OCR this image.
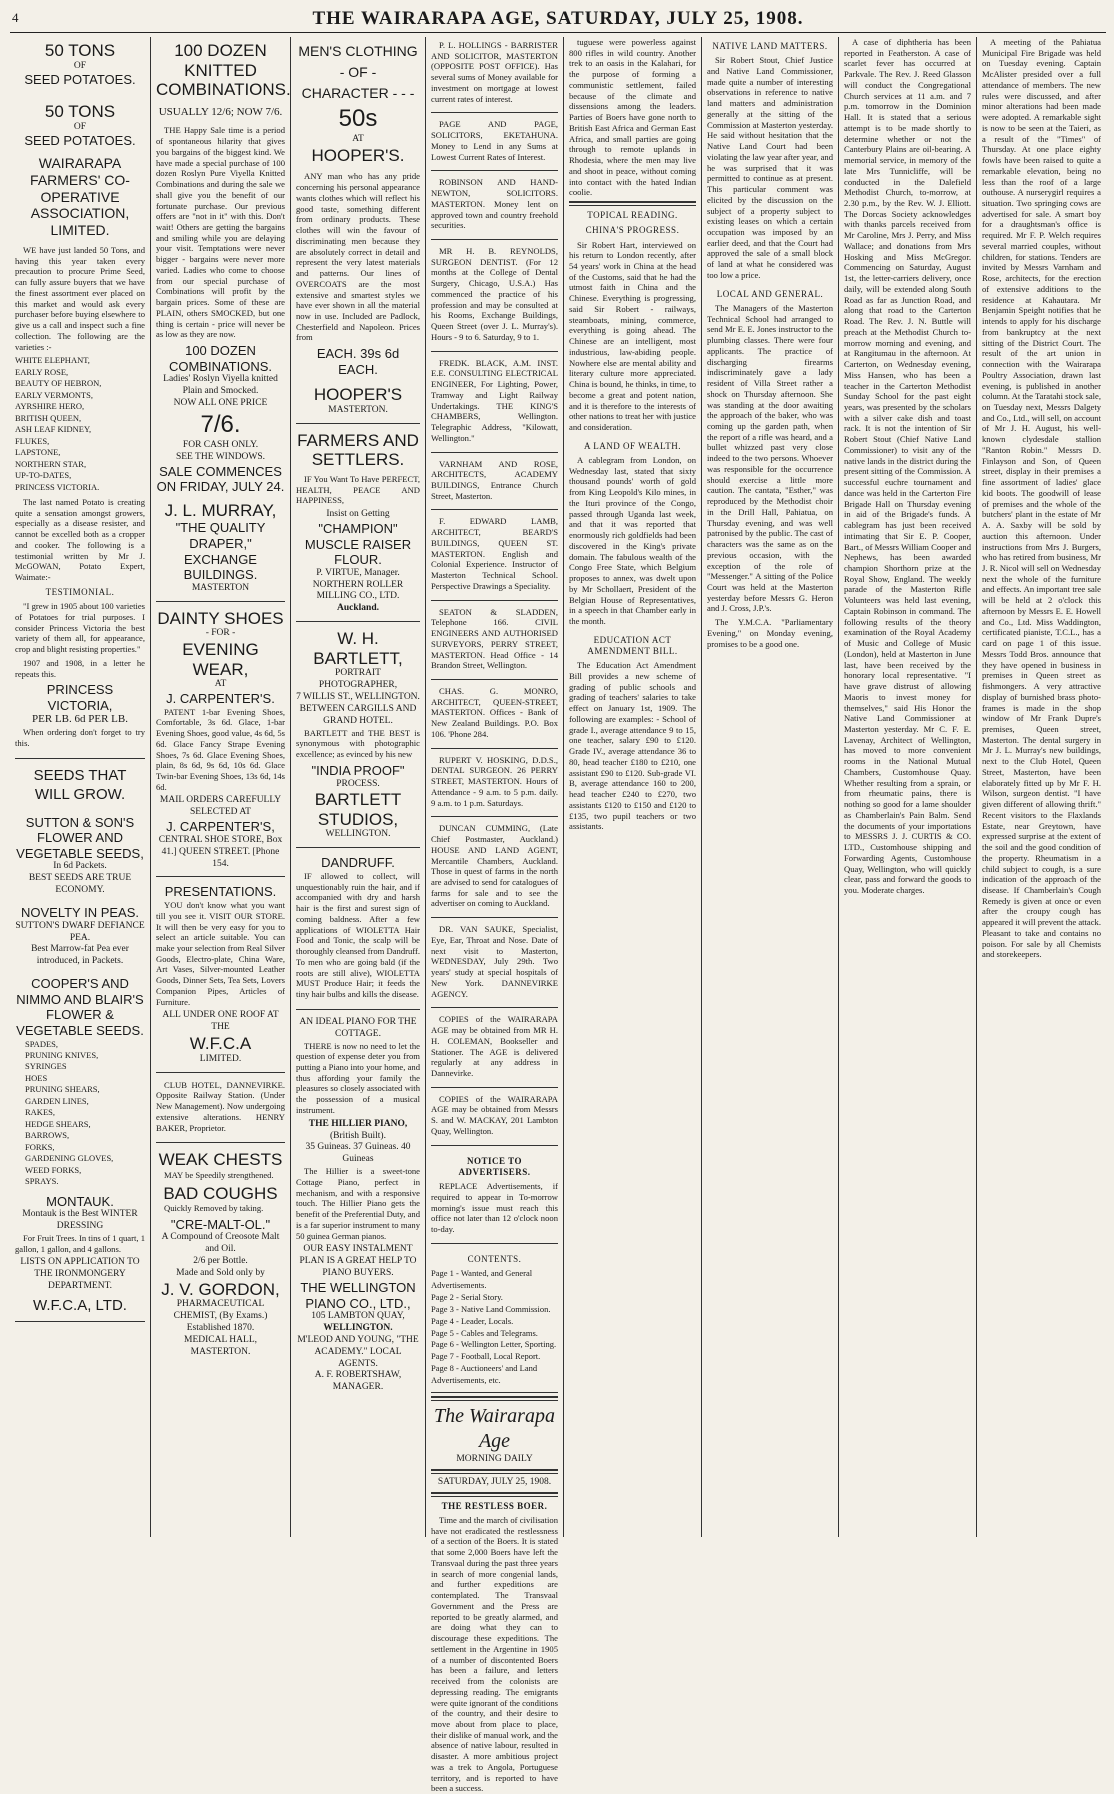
4	THE WAIRARAPA AGE, SATURDAY, JULY 25, 1908.
50 TONS
OF
SEED POTATOES.
50 TONS
OF
SEED POTATOES.
WAIRARAPA FARMERS' CO-OPERATIVE ASSOCIATION, LIMITED.

WE have just landed 50 Tons, and having this year taken every precaution to procure Prime Seed, can fully assure buyers that we have the finest assortment ever placed on this market and would ask every purchaser before buying elsewhere to give us a call and inspect such a fine collection. The following are the varieties :-

WHITE ELEPHANT,
EARLY ROSE,
BEAUTY OF HEBRON,
EARLY VERMONTS,
AYRSHIRE HERO,
BRITISH QUEEN,
ASH LEAF KIDNEY,
FLUKES,
LAPSTONE,
NORTHERN STAR,
UP-TO-DATES,
PRINCESS VICTORIA.

The last named Potato is creating quite a sensation amongst growers, especially as a disease resister, and cannot be excelled both as a cropper and cooker. The following is a testimonial written by Mr J. McGOWAN, Potato Expert, Waimate:-

TESTIMONIAL.

"I grew in 1905 about 100 varieties of Potatoes for trial purposes. I consider Princess Victoria the best variety of them all, for appearance, crop and blight resisting properties."

1907 and 1908, in a letter he repeats this.

PRINCESS VICTORIA,
PER LB. 6d PER LB.

When ordering don't forget to try this.

SEEDS THAT WILL GROW.
SUTTON & SON'S FLOWER AND VEGETABLE SEEDS,
In 6d Packets.
BEST SEEDS ARE TRUE ECONOMY.
NOVELTY IN PEAS.
SUTTON'S DWARF DEFIANCE PEA.
Best Marrow-fat Pea ever introduced, in Packets.
COOPER'S AND NIMMO AND BLAIR'S FLOWER & VEGETABLE SEEDS.
SPADES,
PRUNING KNIVES,
SYRINGES
HOES
PRUNING SHEARS,
GARDEN LINES,
RAKES,
HEDGE SHEARS,
BARROWS,
FORKS,
GARDENING GLOVES,
WEED FORKS,
SPRAYS.
MONTAUK.
Montauk is the Best WINTER DRESSING

For Fruit Trees. In tins of 1 quart, 1 gallon, 1 gallon, and 4 gallons.

LISTS ON APPLICATION TO THE IRONMONGERY DEPARTMENT.
W.F.C.A, LTD.
100 DOZEN
KNITTED
COMBINATIONS.
USUALLY 12/6; NOW 7/6.

THE Happy Sale time is a period of spontaneous hilarity that gives you bargains of the biggest kind. We have made a special purchase of 100 dozen Roslyn Pure Viyella Knitted Combinations and during the sale we shall give you the benefit of our fortunate purchase. Our previous offers are "not in it" with this. Don't wait! Others are getting the bargains and smiling while you are delaying your visit. Temptations were never bigger - bargains were never more varied. Ladies who come to choose from our special purchase of Combinations will profit by the bargain prices. Some of these are PLAIN, others SMOCKED, but one thing is certain - price will never be as low as they are now.

100 DOZEN COMBINATIONS.
Ladies' Roslyn Viyella knitted Plain and Smocked.
NOW ALL ONE PRICE
7/6.
FOR CASH ONLY.
SEE THE WINDOWS.
SALE COMMENCES ON FRIDAY, JULY 24.
J. L. MURRAY,
"THE QUALITY DRAPER," EXCHANGE BUILDINGS.
MASTERTON
DAINTY SHOES
- FOR -
EVENING WEAR,
AT
J. CARPENTER'S.

PATENT 1-bar Evening Shoes, Comfortable, 3s 6d. Glace, 1-bar Evening Shoes, good value, 4s 6d, 5s 6d. Glace Fancy Strape Evening Shoes, 7s 6d. Glace Evening Shoes, plain, 8s 6d, 9s 6d, 10s 6d. Glace Twin-bar Evening Shoes, 13s 6d, 14s 6d.

MAIL ORDERS CAREFULLY SELECTED AT
J. CARPENTER'S,
CENTRAL SHOE STORE, Box 41.] QUEEN STREET. [Phone 154.
PRESENTATIONS.

YOU don't know what you want till you see it. VISIT OUR STORE. It will then be very easy for you to select an article suitable. You can make your selection from Real Silver Goods, Electro-plate, China Ware, Art Vases, Silver-mounted Leather Goods, Dinner Sets, Tea Sets, Lovers Companion Pipes, Articles of Furniture.

ALL UNDER ONE ROOF AT THE
W.F.C.A
LIMITED.

CLUB HOTEL, DANNEVIRKE. Opposite Railway Station. (Under New Management). Now undergoing extensive alterations. HENRY BAKER, Proprietor.

WEAK CHESTS

MAY be Speedily strengthened.

BAD COUGHS

Quickly Removed by taking.

"CRE-MALT-OL."
A Compound of Creosote Malt and Oil.
2/6 per Bottle.
Made and Sold only by
J. V. GORDON,
PHARMACEUTICAL CHEMIST, (By Exams.) Established 1870.
MEDICAL HALL, MASTERTON.
MEN'S CLOTHING - OF - CHARACTER - - -
50s
AT
HOOPER'S.

ANY man who has any pride concerning his personal appearance wants clothes which will reflect his good taste, something different from ordinary products. These clothes will win the favour of discriminating men because they are absolutely correct in detail and represent the very latest materials and patterns. Our lines of OVERCOATS are the most extensive and smartest styles we have ever shown in all the material now in use. Included are Padlock, Chesterfield and Napoleon. Prices from

EACH. 39s 6d EACH.
HOOPER'S
MASTERTON.
FARMERS AND SETTLERS.

IF You Want To Have PERFECT, HEALTH, PEACE AND HAPPINESS,

Insist on Getting
"CHAMPION" MUSCLE RAISER FLOUR.
P. VIRTUE, Manager.
NORTHERN ROLLER MILLING CO., LTD.
Auckland.
W. H. BARTLETT,
PORTRAIT PHOTOGRAPHER,
7 WILLIS ST., WELLINGTON. BETWEEN CARGILLS AND GRAND HOTEL.

BARTLETT and THE BEST is synonymous with photographic excellence; as evinced by his new

"INDIA PROOF"
PROCESS.
BARTLETT STUDIOS,
WELLINGTON.
DANDRUFF.

IF allowed to collect, will unquestionably ruin the hair, and if accompanied with dry and harsh hair is the first and surest sign of coming baldness. After a few applications of WIOLETTA Hair Food and Tonic, the scalp will be thoroughly cleansed from Dandruff. To men who are going bald (if the roots are still alive), WIOLETTA MUST Produce Hair; it feeds the tiny hair bulbs and kills the disease.

AN IDEAL PIANO FOR THE COTTAGE.

THERE is now no need to let the question of expense deter you from putting a Piano into your home, and thus affording your family the pleasures so closely associated with the possession of a musical instrument.

THE HILLIER PIANO,
(British Built).
35 Guineas. 37 Guineas. 40 Guineas

The Hillier is a sweet-tone Cottage Piano, perfect in mechanism, and with a responsive touch. The Hillier Piano gets the benefit of the Preferential Duty, and is a far superior instrument to many 50 guinea German pianos.

OUR EASY INSTALMENT PLAN IS A GREAT HELP TO PIANO BUYERS.
THE WELLINGTON PIANO CO., LTD.,
105 LAMBTON QUAY,
WELLINGTON.
M'LEOD AND YOUNG, "THE ACADEMY." LOCAL AGENTS.
A. F. ROBERTSHAW, MANAGER.

P. L. HOLLINGS - BARRISTER AND SOLICITOR, MASTERTON (OPPOSITE POST OFFICE). Has several sums of Money available for investment on mortgage at lowest current rates of interest.

PAGE AND PAGE, SOLICITORS, EKETAHUNA. Money to Lend in any Sums at Lowest Current Rates of Interest.

ROBINSON AND HAND-NEWTON, SOLICITORS. MASTERTON. Money lent on approved town and country freehold securities.

MR H. B. REYNOLDS, SURGEON DENTIST. (For 12 months at the College of Dental Surgery, Chicago, U.S.A.) Has commenced the practice of his profession and may be consulted at his Rooms, Exchange Buildings, Queen Street (over J. L. Murray's). Hours - 9 to 6. Saturday, 9 to 1.

FREDK. BLACK, A.M. INST. E.E. CONSULTING ELECTRICAL ENGINEER, For Lighting, Power, Tramway and Light Railway Undertakings. THE KING'S CHAMBERS, Wellington. Telegraphic Address, "Kilowatt, Wellington."

VARNHAM AND ROSE, ARCHITECTS, ACADEMY BUILDINGS, Entrance Church Street, Masterton.

F. EDWARD LAMB, ARCHITECT, BEARD'S BUILDINGS, QUEEN ST. MASTERTON. English and Colonial Experience. Instructor of Masterton Technical School. Perspective Drawings a Speciality.

SEATON & SLADDEN, Telephone 166. CIVIL ENGINEERS AND AUTHORISED SURVEYORS, PERRY STREET, MASTERTON. Head Office - 14 Brandon Street, Wellington.

CHAS. G. MONRO, ARCHITECT, QUEEN-STREET, MASTERTON. Offices - Bank of New Zealand Buildings. P.O. Box 106. 'Phone 284.

RUPERT V. HOSKING, D.D.S., DENTAL SURGEON. 26 PERRY STREET, MASTERTON. Hours of Attendance - 9 a.m. to 5 p.m. daily. 9 a.m. to 1 p.m. Saturdays.

DUNCAN CUMMING, (Late Chief Postmaster, Auckland.) HOUSE AND LAND AGENT, Mercantile Chambers, Auckland. Those in quest of farms in the north are advised to send for catalogues of farms for sale and to see the advertiser on coming to Auckland.

DR. VAN SAUKE, Specialist, Eye, Ear, Throat and Nose. Date of next visit to Masterton, WEDNESDAY, July 29th. Two years' study at special hospitals of New York. DANNEVIRKE AGENCY.

COPIES of the WAIRARAPA AGE may be obtained from MR H. H. COLEMAN, Bookseller and Stationer. The AGE is delivered regularly at any address in Dannevirke.

COPIES of the WAIRARAPA AGE may be obtained from Messrs S. and W. MACKAY, 201 Lambton Quay, Wellington.

NOTICE TO ADVERTISERS.

REPLACE Advertisements, if required to appear in To-morrow morning's issue must reach this office not later than 12 o'clock noon to-day.

CONTENTS.
Page 1 - Wanted, and General Advertisements.
Page 2 - Serial Story.
Page 3 - Native Land Commission.
Page 4 - Leader, Locals.
Page 5 - Cables and Telegrams.
Page 6 - Wellington Letter, Sporting.
Page 7 - Football, Local Report.
Page 8 - Auctioneers' and Land Advertisements, etc.
The Wairarapa Age
MORNING DAILY
SATURDAY, JULY 25, 1908.
THE RESTLESS BOER.

Time and the march of civilisation have not eradicated the restlessness of a section of the Boers. It is stated that some 2,000 Boers have left the Transvaal during the past three years in search of more congenial lands, and further expeditions are contemplated. The Transvaal Government and the Press are reported to be greatly alarmed, and are doing what they can to discourage these expeditions. The settlement in the Argentine in 1905 of a number of discontented Boers has been a failure, and letters received from the colonists are depressing reading. The emigrants were quite ignorant of the conditions of the country, and their desire to move about from place to place, their dislike of manual work, and the absence of native labour, resulted in disaster. A more ambitious project was a trek to Angola, Portuguese territory, and is reported to have been a success.

tuguese were powerless against 800 rifles in wild country. Another trek to an oasis in the Kalahari, for the purpose of forming a communistic settlement, failed because of the climate and dissensions among the leaders. Parties of Boers have gone north to British East Africa and German East Africa, and small parties are going through to remote uplands in Rhodesia, where the men may live and shoot in peace, without coming into contact with the hated Indian coolie.

TOPICAL READING.
CHINA'S PROGRESS.

Sir Robert Hart, interviewed on his return to London recently, after 54 years' work in China at the head of the Customs, said that he had the utmost faith in China and the Chinese. Everything is progressing, said Sir Robert - railways, steamboats, mining, commerce, everything is going ahead. The Chinese are an intelligent, most industrious, law-abiding people. Nowhere else are mental ability and literary culture more appreciated. China is bound, he thinks, in time, to become a great and potent nation, and it is therefore to the interests of other nations to treat her with justice and consideration.

A LAND OF WEALTH.

A cablegram from London, on Wednesday last, stated that sixty thousand pounds' worth of gold from King Leopold's Kilo mines, in the Ituri province of the Congo, passed through Uganda last week, and that it was reported that enormously rich goldfields had been discovered in the King's private domain. The fabulous wealth of the Congo Free State, which Belgium proposes to annex, was dwelt upon by Mr Schollaert, President of the Belgian House of Representatives, in a speech in that Chamber early in the month.

EDUCATION ACT AMENDMENT BILL.

The Education Act Amendment Bill provides a new scheme of grading of public schools and grading of teachers' salaries to take effect on January 1st, 1909. The following are examples: - School of grade I., average attendance 9 to 15, one teacher, salary £90 to £120. Grade IV., average attendance 36 to 80, head teacher £180 to £210, one assistant £90 to £120. Sub-grade VI. B, average attendance 160 to 200, head teacher £240 to £270, two assistants £120 to £150 and £120 to £135, two pupil teachers or two assistants.

NATIVE LAND MATTERS.

Sir Robert Stout, Chief Justice and Native Land Commissioner, made quite a number of interesting observations in reference to native land matters and administration generally at the sitting of the Commission at Masterton yesterday. He said without hesitation that the Native Land Court had been violating the law year after year, and he was surprised that it was permitted to continue as at present. This particular comment was elicited by the discussion on the subject of a property subject to existing leases on which a certain occupation was imposed by an earlier deed, and that the Court had approved the sale of a small block of land at what he considered was too low a price.

LOCAL AND GENERAL.

The Managers of the Masterton Technical School had arranged to send Mr E. E. Jones instructor to the plumbing classes. There were four applicants. The practice of discharging firearms indiscriminately gave a lady resident of Villa Street rather a shock on Thursday afternoon. She was standing at the door awaiting the approach of the baker, who was coming up the garden path, when the report of a rifle was heard, and a bullet whizzed past very close indeed to the two persons. Whoever was responsible for the occurrence should exercise a little more caution. The cantata, "Esther," was reproduced by the Methodist choir in the Drill Hall, Pahiatua, on Thursday evening, and was well patronised by the public. The cast of characters was the same as on the previous occasion, with the exception of the role of "Messenger." A sitting of the Police Court was held at the Masterton yesterday before Messrs G. Heron and J. Cross, J.P.'s.

The Y.M.C.A. "Parliamentary Evening," on Monday evening, promises to be a good one.

A case of diphtheria has been reported in Featherston. A case of scarlet fever has occurred at Parkvale. The Rev. J. Reed Glasson will conduct the Congregational Church services at 11 a.m. and 7 p.m. tomorrow in the Dominion Hall. It is stated that a serious attempt is to be made shortly to determine whether or not the Canterbury Plains are oil-bearing. A memorial service, in memory of the late Mrs Tunnicliffe, will be conducted in the Dalefield Methodist Church, to-morrow, at 2.30 p.m., by the Rev. W. J. Elliott. The Dorcas Society acknowledges with thanks parcels received from Mr Caroline, Mrs J. Perry, and Miss Wallace; and donations from Mrs Hosking and Miss McGregor. Commencing on Saturday, August 1st, the letter-carriers delivery, once daily, will be extended along South Road as far as Junction Road, and along that road to the Carterton Road. The Rev. J. N. Buttle will preach at the Methodist Church to-morrow morning and evening, and at Rangitumau in the afternoon. At Carterton, on Wednesday evening, Miss Hansen, who has been a teacher in the Carterton Methodist Sunday School for the past eight years, was presented by the scholars with a silver cake dish and toast rack. It is not the intention of Sir Robert Stout (Chief Native Land Commissioner) to visit any of the native lands in the district during the present sitting of the Commission. A successful euchre tournament and dance was held in the Carterton Fire Brigade Hall on Thursday evening in aid of the Brigade's funds. A cablegram has just been received intimating that Sir E. P. Cooper, Bart., of Messrs William Cooper and Nephews, has been awarded champion Shorthorn prize at the Royal Show, England. The weekly parade of the Masterton Rifle Volunteers was held last evening, Captain Robinson in command. The following results of the theory examination of the Royal Academy of Music and College of Music (London), held at Masterton in June last, have been received by the honorary local representative. "I have grave distrust of allowing Maoris to invest money for themselves," said His Honor the Native Land Commissioner at Masterton yesterday. Mr C. F. E. Lavenay, Architect of Wellington, has moved to more convenient rooms in the National Mutual Chambers, Customhouse Quay. Whether resulting from a sprain, or from rheumatic pains, there is nothing so good for a lame shoulder as Chamberlain's Pain Balm. Send the documents of your importations to MESSRS J. J. CURTIS & CO. LTD., Customhouse shipping and Forwarding Agents, Customhouse Quay, Wellington, who will quickly clear, pass and forward the goods to you. Moderate charges.

A meeting of the Pahiatua Municipal Fire Brigade was held on Tuesday evening. Captain McAlister presided over a full attendance of members. The new rules were discussed, and after minor alterations had been made were adopted. A remarkable sight is now to be seen at the Taieri, as a result of the "Times" of Thursday. At one place eighty fowls have been raised to quite a remarkable elevation, being no less than the roof of a large outhouse. A nurserygirl requires a situation. Two springing cows are advertised for sale. A smart boy for a draughtsman's office is required. Mr F. P. Welch requires several married couples, without children, for stations. Tenders are invited by Messrs Varnham and Rose, architects, for the erection of extensive additions to the residence at Kahautara. Mr Benjamin Speight notifies that he intends to apply for his discharge from bankruptcy at the next sitting of the District Court. The result of the art union in connection with the Wairarapa Poultry Association, drawn last evening, is published in another column. At the Taratahi stock sale, on Tuesday next, Messrs Dalgety and Co., Ltd., will sell, on account of Mr J. H. August, his well-known clydesdale stallion "Ranton Robin." Messrs D. Finlayson and Son, of Queen street, display in their premises a fine assortment of ladies' glace kid boots. The goodwill of lease of premises and the whole of the butchers' plant in the estate of Mr A. A. Saxby will be sold by auction this afternoon. Under instructions from Mrs J. Burgers, who has retired from business, Mr J. R. Nicol will sell on Wednesday next the whole of the furniture and effects. An important tree sale will be held at 2 o'clock this afternoon by Messrs E. E. Howell and Co., Ltd. Miss Waddington, certificated pianiste, T.C.L., has a card on page 1 of this issue. Messrs Todd Bros. announce that they have opened in business in premises in Queen street as fishmongers. A very attractive display of burnished brass photo-frames is made in the shop window of Mr Frank Dupre's premises, Queen street, Masterton. The dental surgery in Mr J. L. Murray's new buildings, next to the Club Hotel, Queen Street, Masterton, have been elaborately fitted up by Mr F. H. Wilson, surgeon dentist. "I have given different of allowing thrift." Recent visitors to the Flaxlands Estate, near Greytown, have expressed surprise at the extent of the soil and the good condition of the property. Rheumatism in a child subject to cough, is a sure indication of the approach of the disease. If Chamberlain's Cough Remedy is given at once or even after the croupy cough has appeared it will prevent the attack. Pleasant to take and contains no poison. For sale by all Chemists and storekeepers.
